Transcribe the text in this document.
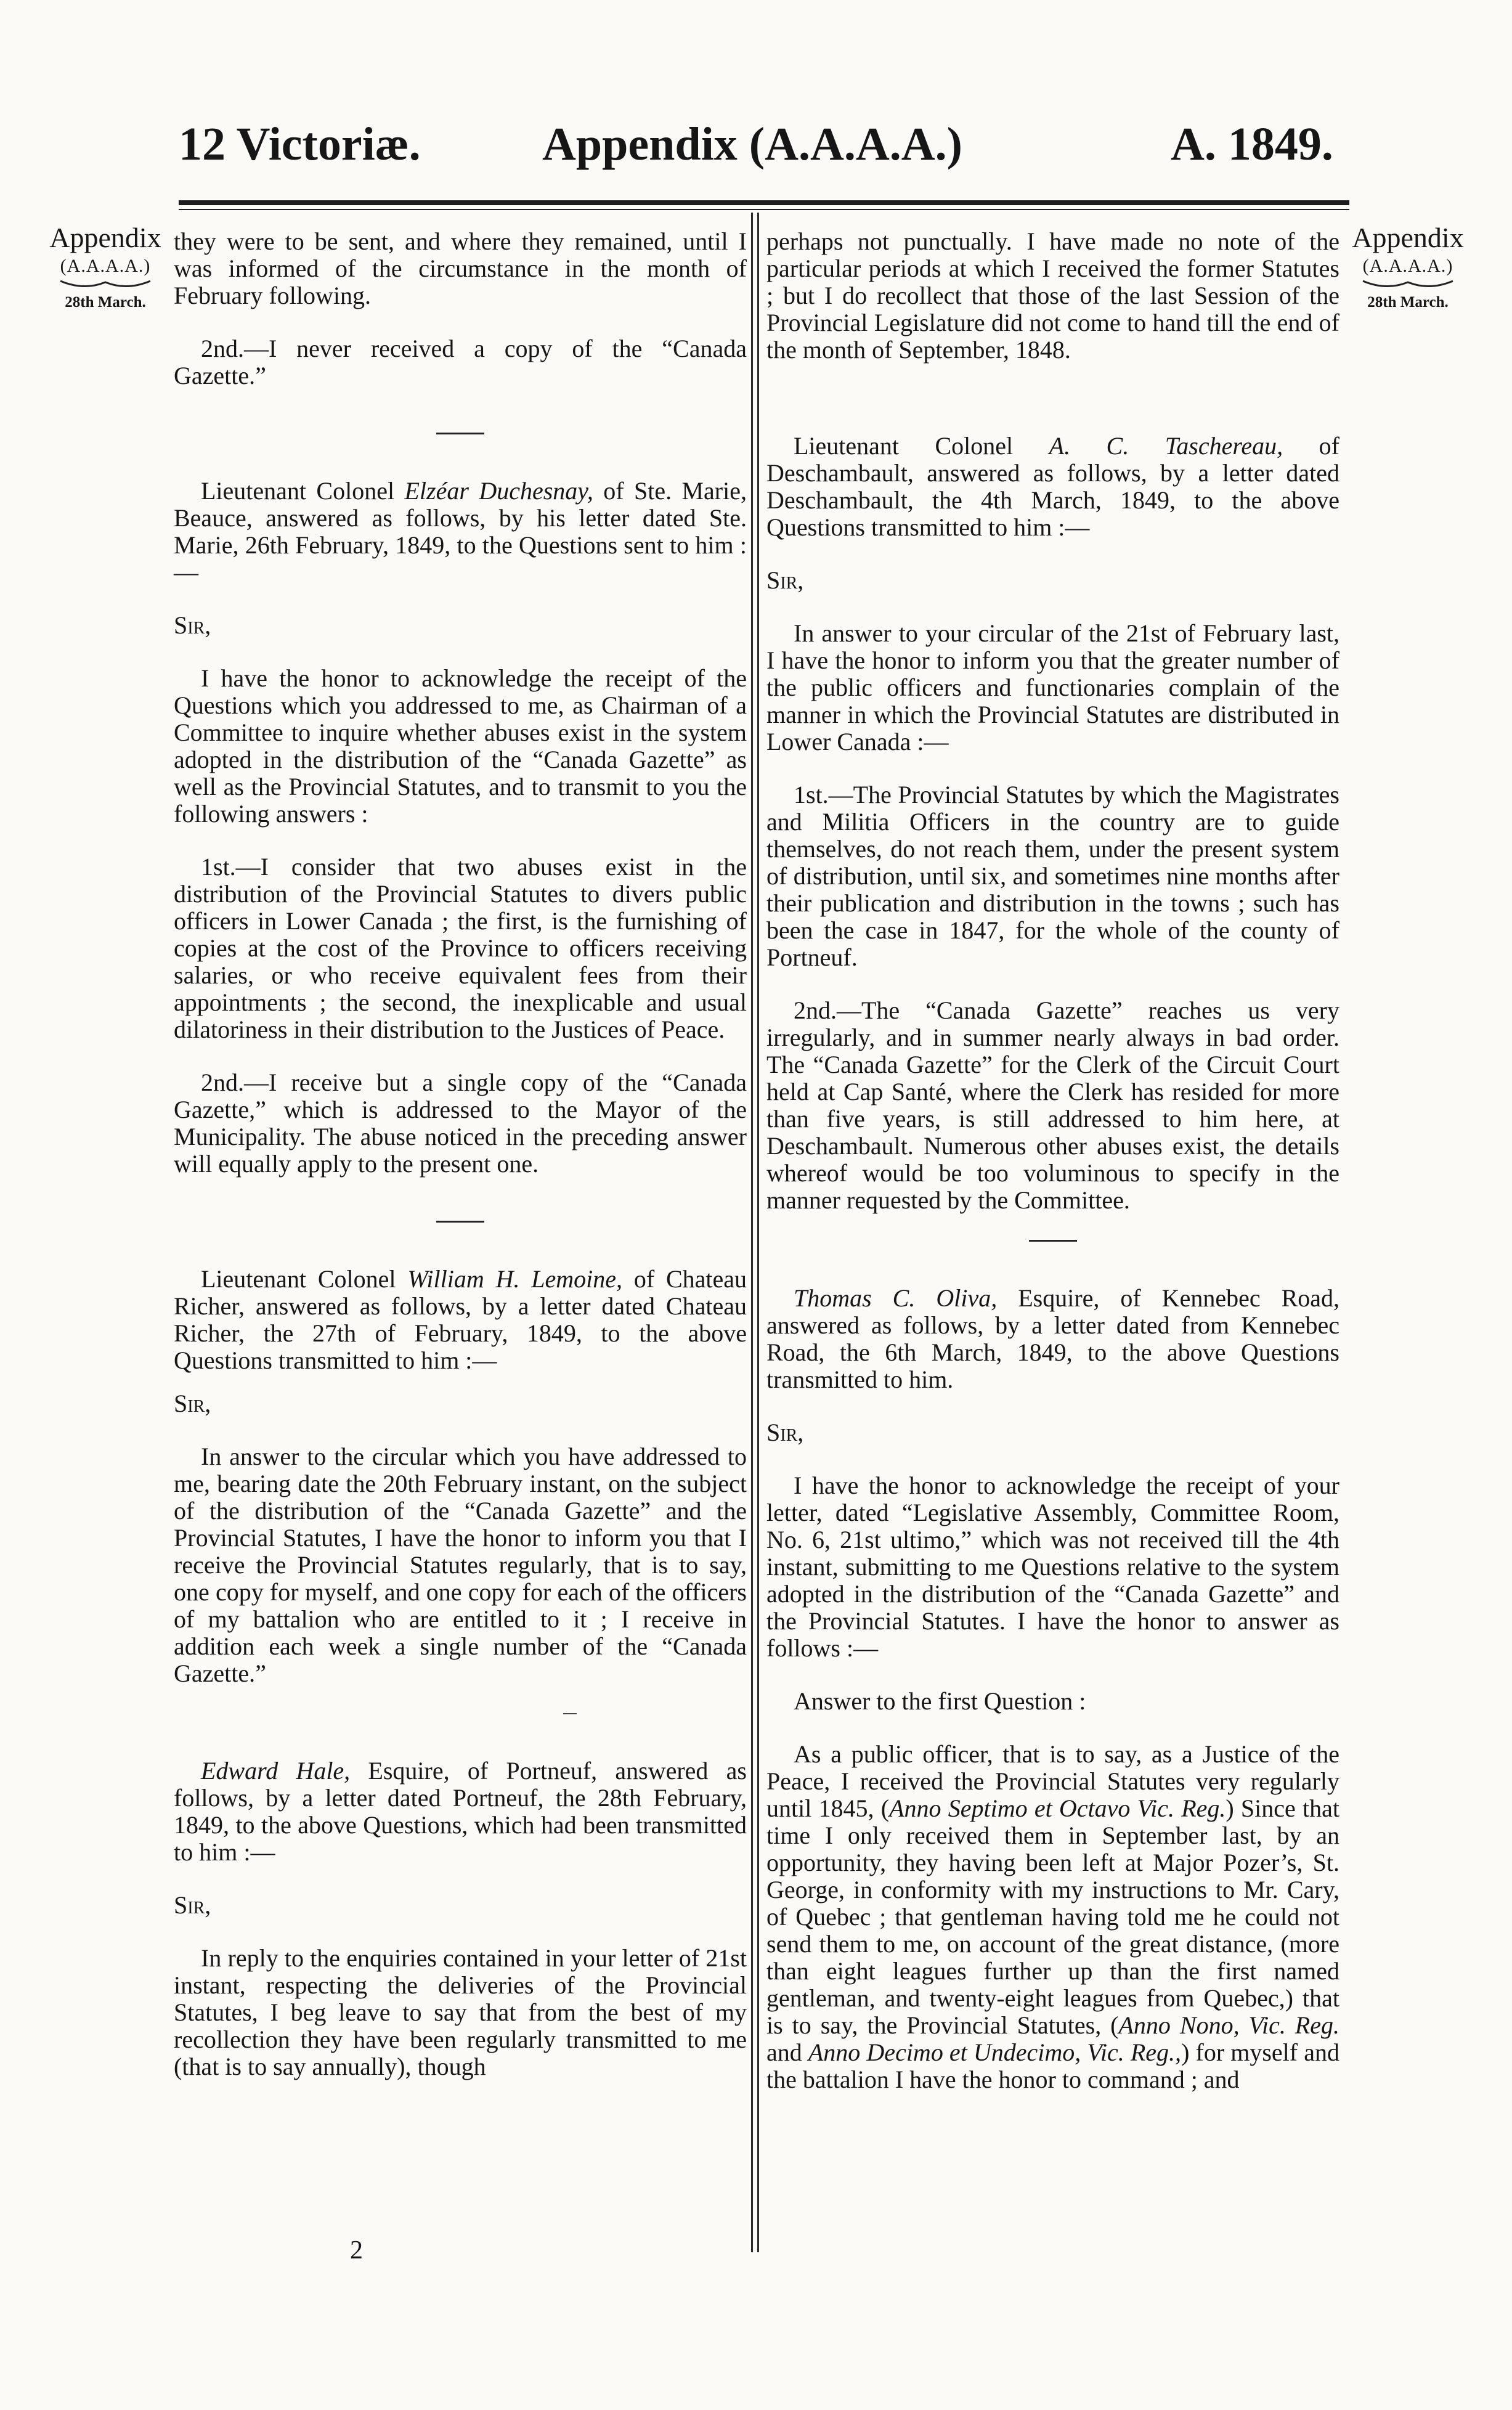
12 Victoriæ.	Appendix (A.A.A.A.)	A. 1849.
Appendix
(A.A.A.A.)
28th March.
Appendix
(A.A.A.A.)
28th March.

they were to be sent, and where they remained, until I was informed of the circumstance in the month of February following.

2nd.—I never received a copy of the “Canada Gazette.”

Lieutenant Colonel Elzéar Duchesnay, of Ste. Marie, Beauce, answered as follows, by his letter dated Ste. Marie, 26th February, 1849, to the Questions sent to him :—

Sir,

I have the honor to acknowledge the receipt of the Questions which you addressed to me, as Chairman of a Committee to inquire whether abuses exist in the system adopted in the distribution of the “Canada Gazette” as well as the Provincial Statutes, and to transmit to you the following answers :

1st.—I consider that two abuses exist in the distribution of the Provincial Statutes to divers public officers in Lower Canada ; the first, is the furnishing of copies at the cost of the Province to officers receiving salaries, or who receive equivalent fees from their appointments ; the second, the inexplicable and usual dilatoriness in their distribution to the Justices of Peace.

2nd.—I receive but a single copy of the “Canada Gazette,” which is addressed to the Mayor of the Municipality. The abuse noticed in the preceding answer will equally apply to the present one.

Lieutenant Colonel William H. Lemoine, of Chateau Richer, answered as follows, by a letter dated Chateau Richer, the 27th of February, 1849, to the above Questions transmitted to him :—

Sir,

In answer to the circular which you have addressed to me, bearing date the 20th February instant, on the subject of the distribution of the “Canada Gazette” and the Provincial Statutes, I have the honor to inform you that I receive the Provincial Statutes regularly, that is to say, one copy for myself, and one copy for each of the officers of my battalion who are entitled to it ; I receive in addition each week a single number of the “Canada Gazette.”

Edward Hale, Esquire, of Portneuf, answered as follows, by a letter dated Portneuf, the 28th February, 1849, to the above Questions, which had been transmitted to him :—

Sir,

In reply to the enquiries contained in your letter of 21st instant, respecting the deliveries of the Provincial Statutes, I beg leave to say that from the best of my recollection they have been regularly transmitted to me (that is to say annually), though

perhaps not punctually. I have made no note of the particular periods at which I received the former Statutes ; but I do recollect that those of the last Session of the Provincial Legislature did not come to hand till the end of the month of September, 1848.

Lieutenant Colonel A. C. Taschereau, of Deschambault, answered as follows, by a letter dated Deschambault, the 4th March, 1849, to the above Questions transmitted to him :—

Sir,

In answer to your circular of the 21st of February last, I have the honor to inform you that the greater number of the public officers and functionaries complain of the manner in which the Provincial Statutes are distributed in Lower Canada :—

1st.—The Provincial Statutes by which the Magistrates and Militia Officers in the country are to guide themselves, do not reach them, under the present system of distribution, until six, and sometimes nine months after their publication and distribution in the towns ; such has been the case in 1847, for the whole of the county of Portneuf.

2nd.—The “Canada Gazette” reaches us very irregularly, and in summer nearly always in bad order. The “Canada Gazette” for the Clerk of the Circuit Court held at Cap Santé, where the Clerk has resided for more than five years, is still addressed to him here, at Deschambault. Numerous other abuses exist, the details whereof would be too voluminous to specify in the manner requested by the Committee.

Thomas C. Oliva, Esquire, of Kennebec Road, answered as follows, by a letter dated from Kennebec Road, the 6th March, 1849, to the above Questions transmitted to him.

Sir,

I have the honor to acknowledge the receipt of your letter, dated “Legislative Assembly, Committee Room, No. 6, 21st ultimo,” which was not received till the 4th instant, submitting to me Questions relative to the system adopted in the distribution of the “Canada Gazette” and the Provincial Statutes. I have the honor to answer as follows :—

Answer to the first Question :

As a public officer, that is to say, as a Justice of the Peace, I received the Provincial Statutes very regularly until 1845, (Anno Septimo et Octavo Vic. Reg.) Since that time I only received them in September last, by an opportunity, they having been left at Major Pozer’s, St. George, in conformity with my instructions to Mr. Cary, of Quebec ; that gentleman having told me he could not send them to me, on account of the great distance, (more than eight leagues further up than the first named gentleman, and twenty-eight leagues from Quebec,) that is to say, the Provincial Statutes, (Anno Nono, Vic. Reg. and Anno Decimo et Undecimo, Vic. Reg.,) for myself and the battalion I have the honor to command ; and

2
